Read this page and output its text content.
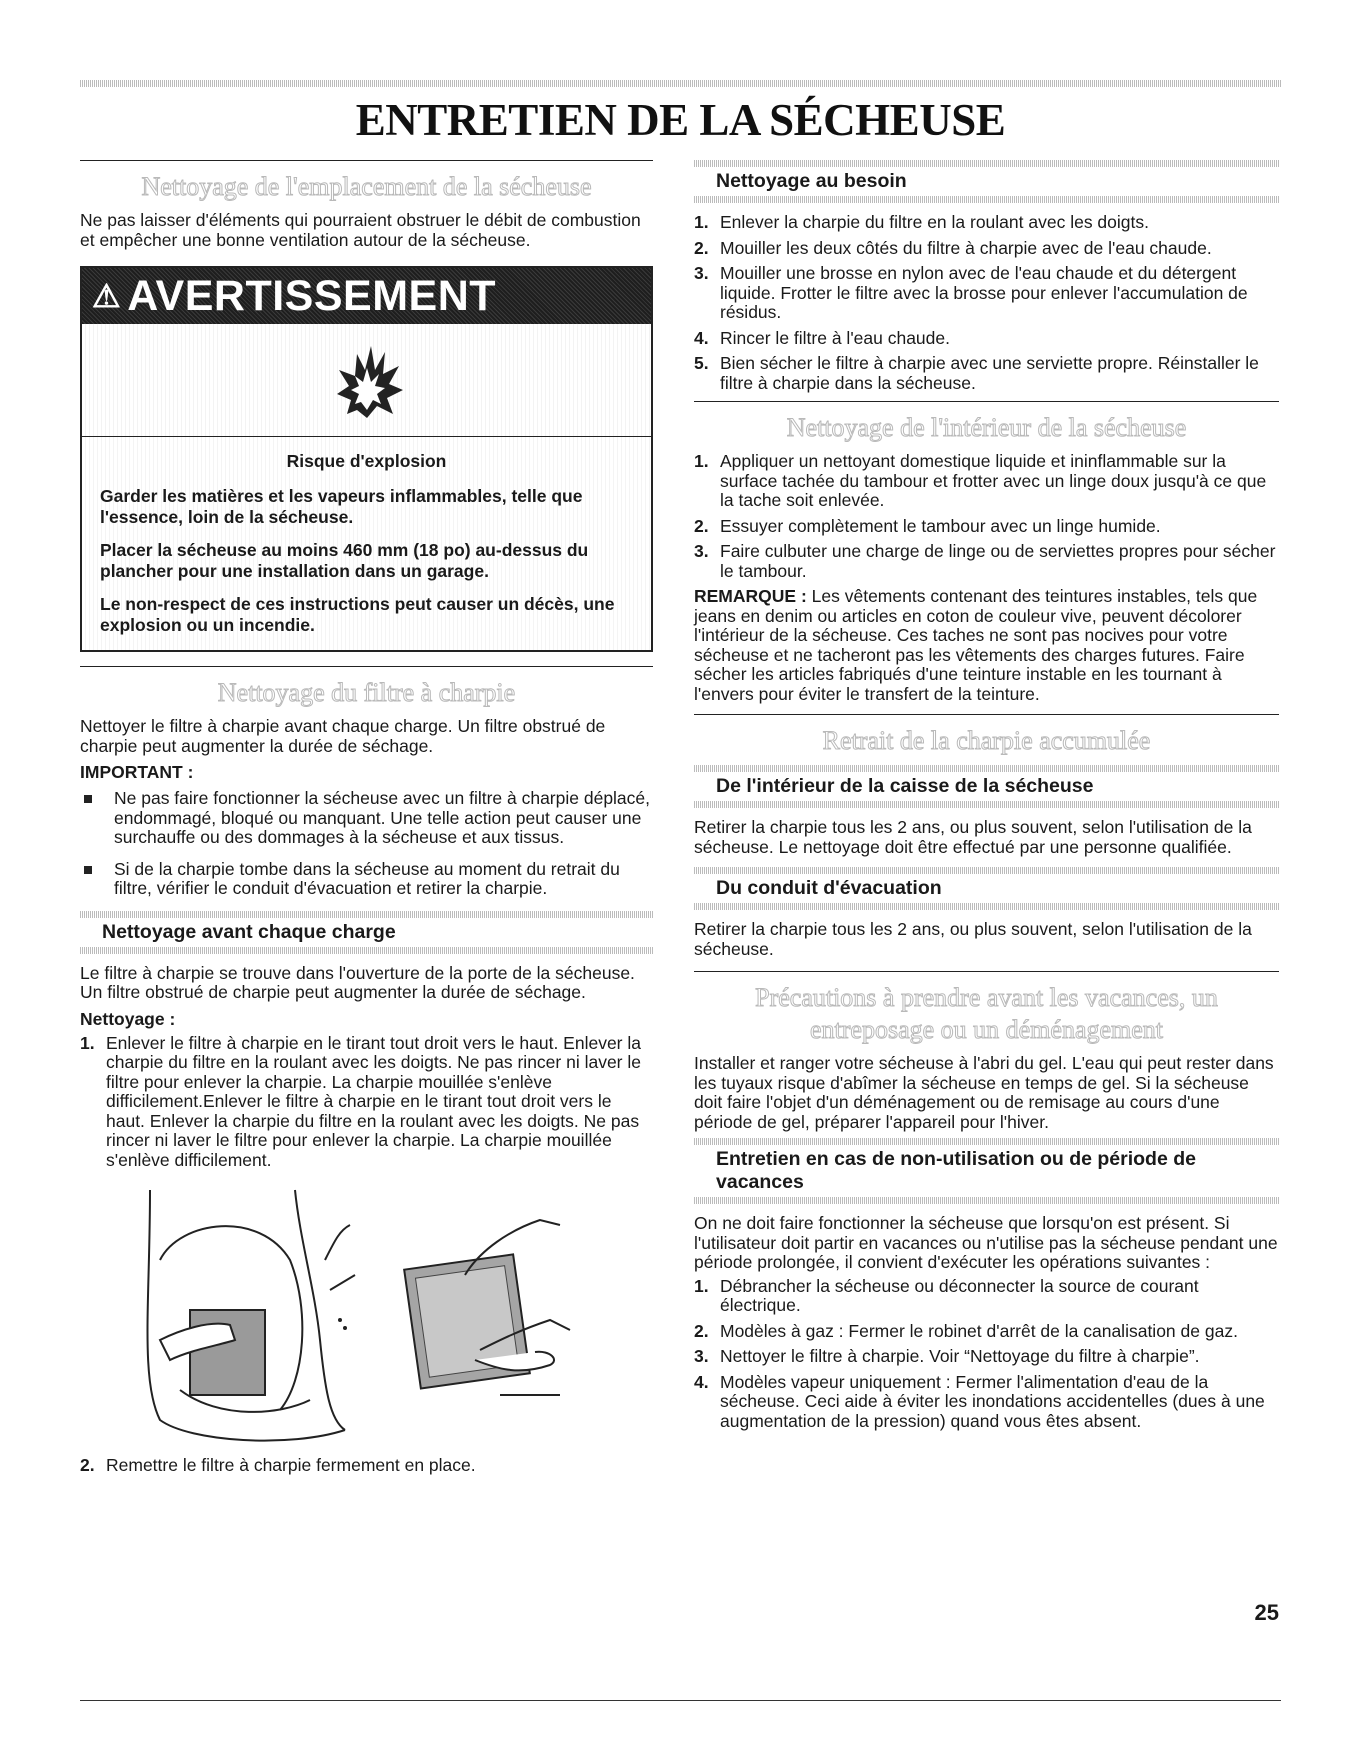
ENTRETIEN DE LA SÉCHEUSE
Nettoyage de l'emplacement de la sécheuse

Ne pas laisser d'éléments qui pourraient obstruer le débit de combustion et empêcher une bonne ventilation autour de la sécheuse.

⚠ AVERTISSEMENT
Risque d'explosion
Garder les matières et les vapeurs inflammables, telle que l'essence, loin de la sécheuse.
Placer la sécheuse au moins 460 mm (18 po) au-dessus du plancher pour une installation dans un garage.
Le non-respect de ces instructions peut causer un décès, une explosion ou un incendie.
Nettoyage du filtre à charpie

Nettoyer le filtre à charpie avant chaque charge. Un filtre obstrué de charpie peut augmenter la durée de séchage.

IMPORTANT :
Ne pas faire fonctionner la sécheuse avec un filtre à charpie déplacé, endommagé, bloqué ou manquant. Une telle action peut causer une surchauffe ou des dommages à la sécheuse et aux tissus.
Si de la charpie tombe dans la sécheuse au moment du retrait du filtre, vérifier le conduit d'évacuation et retirer la charpie.
Nettoyage avant chaque charge

Le filtre à charpie se trouve dans l'ouverture de la porte de la sécheuse. Un filtre obstrué de charpie peut augmenter la durée de séchage.

Nettoyage :
1. Enlever le filtre à charpie en le tirant tout droit vers le haut. Enlever la charpie du filtre en la roulant avec les doigts. Ne pas rincer ni laver le filtre pour enlever la charpie. La charpie mouillée s'enlève difficilement.Enlever le filtre à charpie en le tirant tout droit vers le haut. Enlever la charpie du filtre en la roulant avec les doigts. Ne pas rincer ni laver le filtre pour enlever la charpie. La charpie mouillée s'enlève difficilement.
2. Remettre le filtre à charpie fermement en place.
Nettoyage au besoin
1. Enlever la charpie du filtre en la roulant avec les doigts.
2. Mouiller les deux côtés du filtre à charpie avec de l'eau chaude.
3. Mouiller une brosse en nylon avec de l'eau chaude et du détergent liquide. Frotter le filtre avec la brosse pour enlever l'accumulation de résidus.
4. Rincer le filtre à l'eau chaude.
5. Bien sécher le filtre à charpie avec une serviette propre. Réinstaller le filtre à charpie dans la sécheuse.
Nettoyage de l'intérieur de la sécheuse
1. Appliquer un nettoyant domestique liquide et ininflammable sur la surface tachée du tambour et frotter avec un linge doux jusqu'à ce que la tache soit enlevée.
2. Essuyer complètement le tambour avec un linge humide.
3. Faire culbuter une charge de linge ou de serviettes propres pour sécher le tambour.

REMARQUE : Les vêtements contenant des teintures instables, tels que jeans en denim ou articles en coton de couleur vive, peuvent décolorer l'intérieur de la sécheuse. Ces taches ne sont pas nocives pour votre sécheuse et ne tacheront pas les vêtements des charges futures. Faire sécher les articles fabriqués d'une teinture instable en les tournant à l'envers pour éviter le transfert de la teinture.

Retrait de la charpie accumulée
De l'intérieur de la caisse de la sécheuse

Retirer la charpie tous les 2 ans, ou plus souvent, selon l'utilisation de la sécheuse. Le nettoyage doit être effectué par une personne qualifiée.

Du conduit d'évacuation

Retirer la charpie tous les 2 ans, ou plus souvent, selon l'utilisation de la sécheuse.

Précautions à prendre avant les vacances, un
entreposage ou un déménagement

Installer et ranger votre sécheuse à l'abri du gel. L'eau qui peut rester dans les tuyaux risque d'abîmer la sécheuse en temps de gel. Si la sécheuse doit faire l'objet d'un déménagement ou de remisage au cours d'une période de gel, préparer l'appareil pour l'hiver.

Entretien en cas de non-utilisation ou de période de vacances

On ne doit faire fonctionner la sécheuse que lorsqu'on est présent. Si l'utilisateur doit partir en vacances ou n'utilise pas la sécheuse pendant une période prolongée, il convient d'exécuter les opérations suivantes :

1. Débrancher la sécheuse ou déconnecter la source de courant électrique.
2. Modèles à gaz : Fermer le robinet d'arrêt de la canalisation de gaz.
3. Nettoyer le filtre à charpie. Voir “Nettoyage du filtre à charpie”.
4. Modèles vapeur uniquement : Fermer l'alimentation d'eau de la sécheuse. Ceci aide à éviter les inondations accidentelles (dues à une augmentation de la pression) quand vous êtes absent.
25
